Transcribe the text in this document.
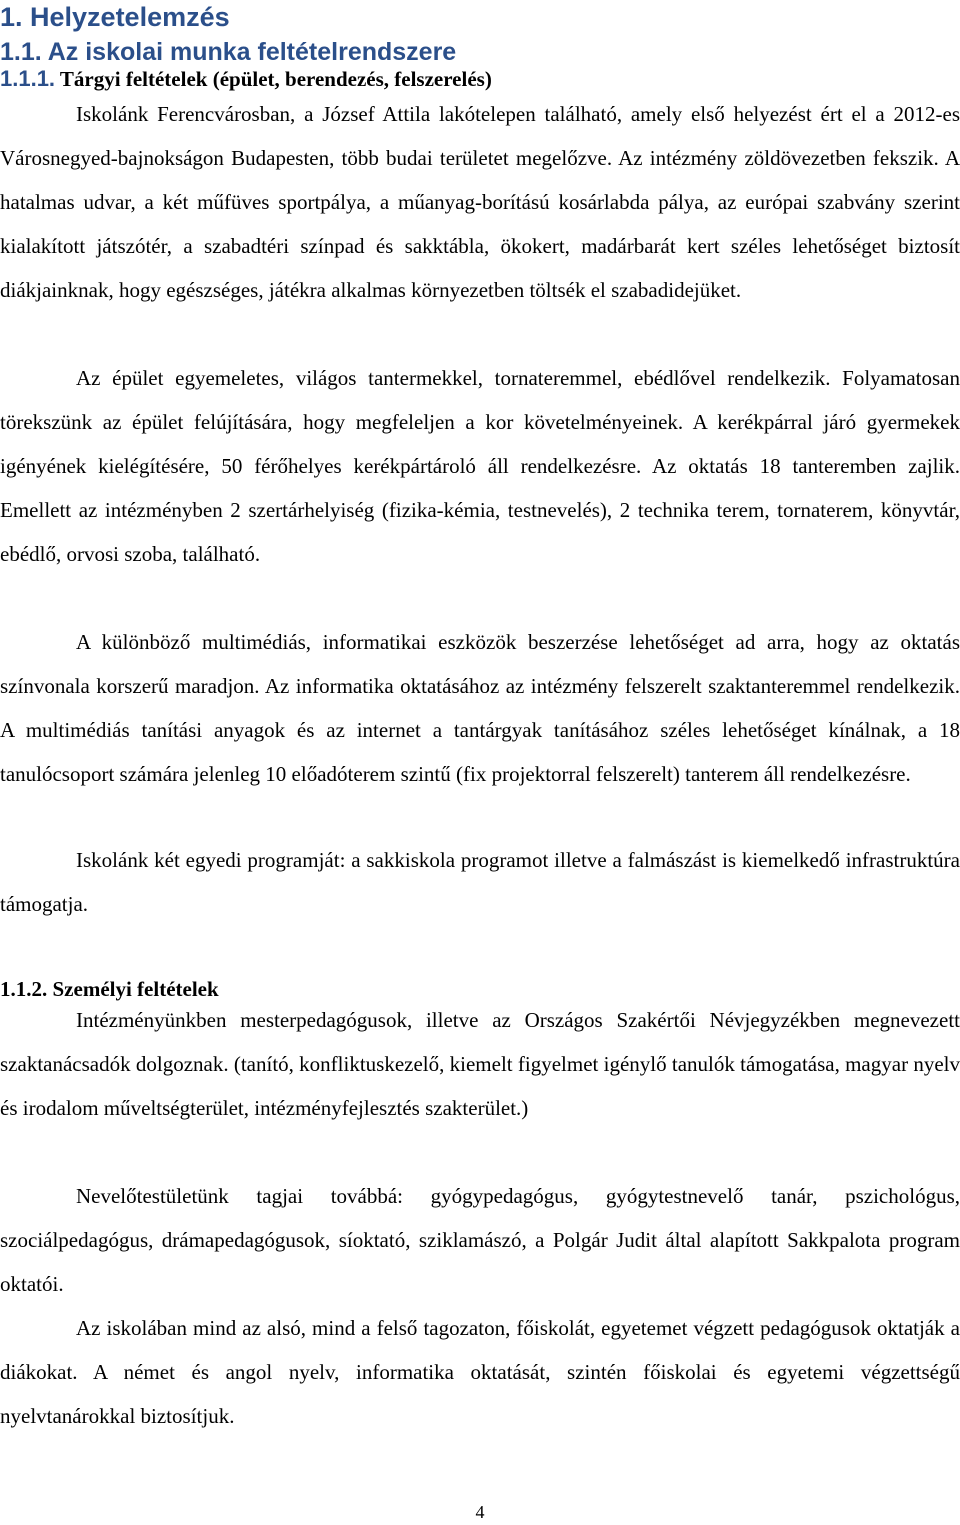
1. Helyzetelemzés
1.1. Az iskolai munka feltételrendszere
1.1.1. Tárgyi feltételek (épület, berendezés, felszerelés)
Iskolánk Ferencvárosban, a József Attila lakótelepen található, amely első helyezést ért el a 2012-es Városnegyed-bajnokságon Budapesten, több budai területet megelőzve. Az intézmény zöldövezetben fekszik. A hatalmas udvar, a két műfüves sportpálya, a műanyag-borítású kosárlabda pálya, az európai szabvány szerint kialakított játszótér, a szabadtéri színpad és sakktábla, ökokert, madárbarát kert széles lehetőséget biztosít diákjainknak, hogy egészséges, játékra alkalmas környezetben töltsék el szabadidejüket.
Az épület egyemeletes, világos tantermekkel, tornateremmel, ebédlővel rendelkezik. Folyamatosan törekszünk az épület felújítására, hogy megfeleljen a kor követelményeinek. A kerékpárral járó gyermekek igényének kielégítésére, 50 férőhelyes kerékpártároló áll rendelkezésre. Az oktatás 18 tanteremben zajlik. Emellett az intézményben 2 szertárhelyiség (fizika-kémia, testnevelés), 2 technika terem, tornaterem, könyvtár, ebédlő, orvosi szoba, található.
A különböző multimédiás, informatikai eszközök beszerzése lehetőséget ad arra, hogy az oktatás színvonala korszerű maradjon. Az informatika oktatásához az intézmény felszerelt szaktanteremmel rendelkezik. A multimédiás tanítási anyagok és az internet a tantárgyak tanításához széles lehetőséget kínálnak, a 18 tanulócsoport számára jelenleg 10 előadóterem szintű (fix projektorral felszerelt) tanterem áll rendelkezésre.
Iskolánk két egyedi programját: a sakkiskola programot illetve a falmászást is kiemelkedő infrastruktúra támogatja.
1.1.2. Személyi feltételek
Intézményünkben mesterpedagógusok, illetve az Országos Szakértői Névjegyzékben megnevezett szaktanácsadók dolgoznak. (tanító, konfliktuskezelő, kiemelt figyelmet igénylő tanulók támogatása, magyar nyelv és irodalom műveltségterület, intézményfejlesztés szakterület.)
Nevelőtestületünk tagjai továbbá: gyógypedagógus, gyógytestnevelő tanár, pszichológus, szociálpedagógus, drámapedagógusok, síoktató, sziklamászó, a Polgár Judit által alapított Sakkpalota program oktatói.
Az iskolában mind az alsó, mind a felső tagozaton, főiskolát, egyetemet végzett pedagógusok oktatják a diákokat. A német és angol nyelv, informatika oktatását, szintén főiskolai és egyetemi végzettségű nyelvtanárokkal biztosítjuk.
4
